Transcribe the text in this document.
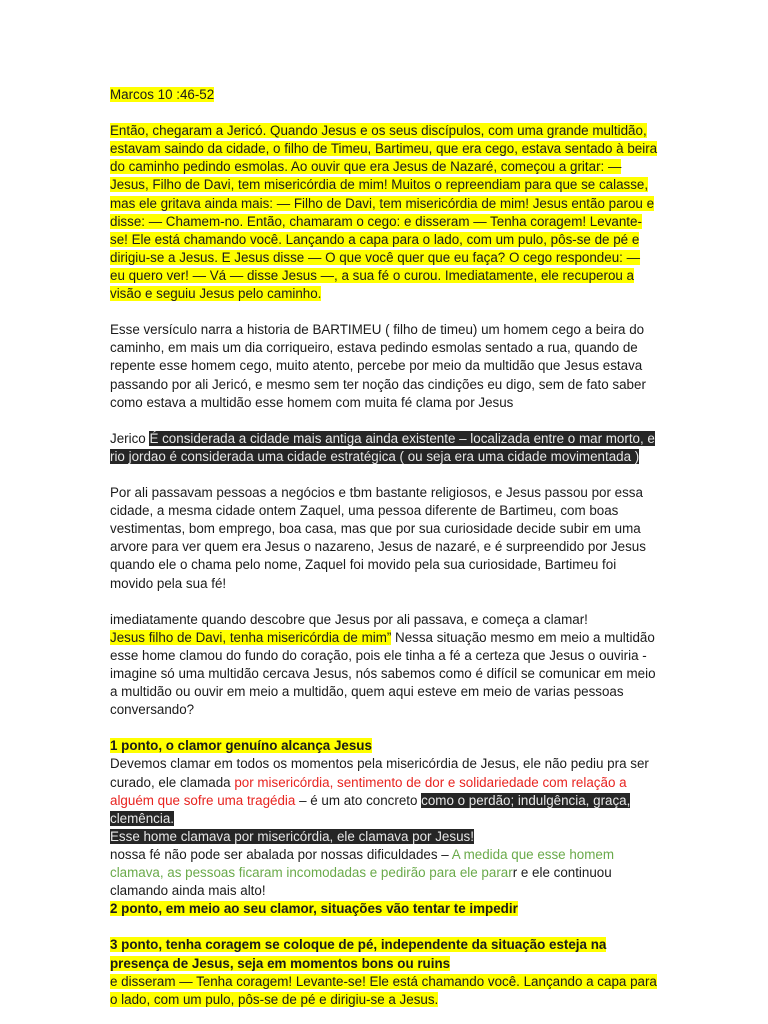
Marcos 10 :46-52

Então, chegaram a Jericó. Quando Jesus e os seus discípulos, com uma grande multidão, estavam saindo da cidade, o filho de Timeu, Bartimeu, que era cego, estava sentado à beira do caminho pedindo esmolas. Ao ouvir que era Jesus de Nazaré, começou a gritar: — Jesus, Filho de Davi, tem misericórdia de mim! Muitos o repreendiam para que se calasse, mas ele gritava ainda mais: — Filho de Davi, tem misericórdia de mim! Jesus então parou e disse: — Chamem-no. Então, chamaram o cego: e disseram — Tenha coragem! Levante-se! Ele está chamando você. Lançando a capa para o lado, com um pulo, pôs-se de pé e dirigiu-se a Jesus. E Jesus disse — O que você quer que eu faça? O cego respondeu: — eu quero ver! — Vá — disse Jesus —, a sua fé o curou. Imediatamente, ele recuperou a visão e seguiu Jesus pelo caminho.

Esse versículo narra a historia de BARTIMEU ( filho de timeu) um homem cego a beira do caminho, em mais um dia corriqueiro, estava pedindo esmolas sentado a rua, quando de repente esse homem cego, muito atento, percebe por meio da multidão que Jesus estava passando por ali Jericó, e mesmo sem ter noção das cindições eu digo, sem de fato saber como estava a multidão esse homem com muita fé clama por Jesus

Jerico É considerada a cidade mais antiga ainda existente – localizada entre o mar morto, e rio jordao é considerada uma cidade estratégica ( ou seja era uma cidade movimentada )

Por ali passavam pessoas a negócios e tbm bastante religiosos, e Jesus passou por essa cidade, a mesma cidade ontem Zaquel, uma pessoa diferente de Bartimeu, com boas vestimentas, bom emprego, boa casa, mas que por sua curiosidade decide subir em uma arvore para ver quem era Jesus o nazareno, Jesus de nazaré, e é surpreendido por Jesus quando ele o chama pelo nome, Zaquel foi movido pela sua curiosidade, Bartimeu foi movido pela sua fé!

imediatamente quando descobre que Jesus por ali passava, e começa a clamar!

Jesus filho de Davi, tenha misericórdia de mim” Nessa situação mesmo em meio a multidão esse home clamou do fundo do coração, pois ele tinha a fé a certeza que Jesus o ouviria - imagine só uma multidão cercava Jesus, nós sabemos como é difícil se comunicar em meio a multidão ou ouvir em meio a multidão, quem aqui esteve em meio de varias pessoas conversando?

1 ponto, o clamor genuíno alcança Jesus

Devemos clamar em todos os momentos pela misericórdia de Jesus, ele não pediu pra ser curado, ele clamada por misericórdia, sentimento de dor e solidariedade com relação a alguém que sofre uma tragédia – é um ato concreto como o perdão; indulgência, graça, clemência.
Esse home clamava por misericórdia, ele clamava por Jesus!
nossa fé não pode ser abalada por nossas dificuldades – A medida que esse homem clamava, as pessoas ficaram incomodadas e pedirão para ele pararr e ele continuou clamando ainda mais alto!

2 ponto, em meio ao seu clamor, situações vão tentar te impedir

3 ponto, tenha coragem se coloque de pé, independente da situação esteja na presença de Jesus, seja em momentos bons ou ruins

e disseram — Tenha coragem! Levante-se! Ele está chamando você. Lançando a capa para o lado, com um pulo, pôs-se de pé e dirigiu-se a Jesus.
